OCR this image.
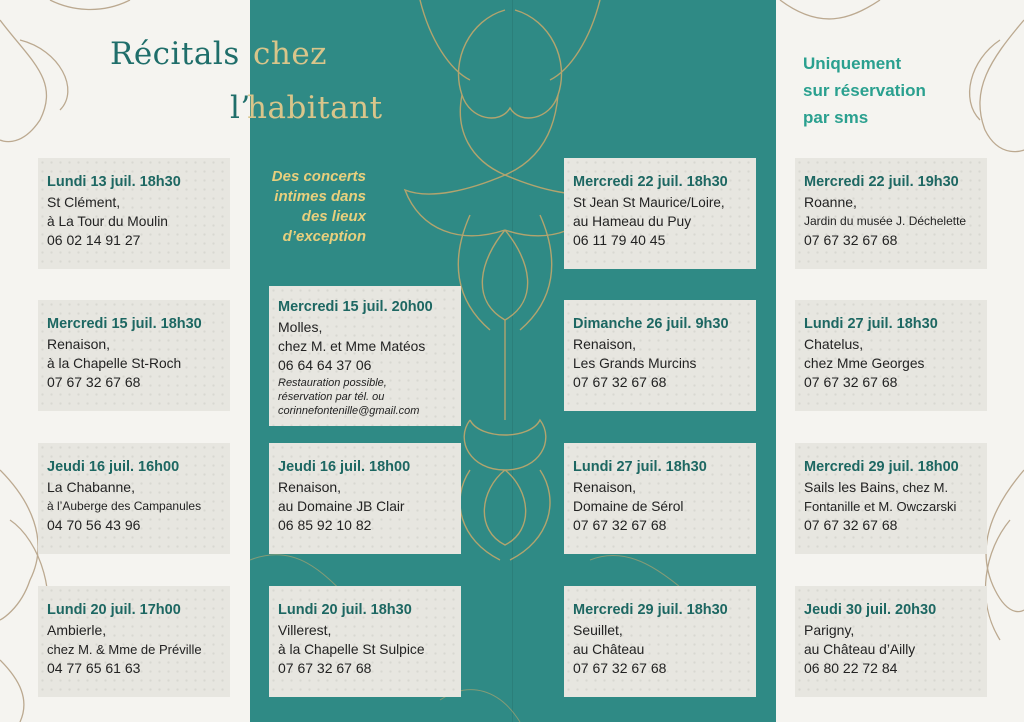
Récitals chez
l’
habitant
Des concerts
intimes dans
des lieux
d’exception
Uniquement
sur réservation
par sms
Lundi 13 juil. 18h30
St Clément,
à La Tour du Moulin
06 02 14 91 27
Mercredi 15 juil. 18h30
Renaison,
à la Chapelle St-Roch
07 67 32 67 68
Jeudi 16 juil. 16h00
La Chabanne,
à l’Auberge des Campanules
04 70 56 43 96
Lundi 20 juil. 17h00
Ambierle,
chez M. & Mme de Préville
04 77 65 61 63
Mercredi 15 juil. 20h00
Molles,
chez M. et Mme Matéos
06 64 64 37 06
Restauration possible,
réservation par tél. ou
corinnefontenille@gmail.com
Jeudi 16 juil. 18h00
Renaison,
au Domaine JB Clair
06 85 92 10 82
Lundi 20 juil. 18h30
Villerest,
à la Chapelle St Sulpice
07 67 32 67 68
Mercredi 22 juil. 18h30
St Jean St Maurice/Loire,
au Hameau du Puy
06 11 79 40 45
Dimanche 26 juil. 9h30
Renaison,
Les Grands Murcins
07 67 32 67 68
Lundi 27 juil. 18h30
Renaison,
Domaine de Sérol
07 67 32 67 68
Mercredi 29 juil. 18h30
Seuillet,
au Château
07 67 32 67 68
Mercredi 22 juil. 19h30
Roanne,
Jardin du musée J. Déchelette
07 67 32 67 68
Lundi 27 juil. 18h30
Chatelus,
chez Mme Georges
07 67 32 67 68
Mercredi 29 juil. 18h00
Sails les Bains, chez M.
Fontanille et M. Owczarski
07 67 32 67 68
Jeudi 30 juil. 20h30
Parigny,
au Château d’Ailly
06 80 22 72 84
